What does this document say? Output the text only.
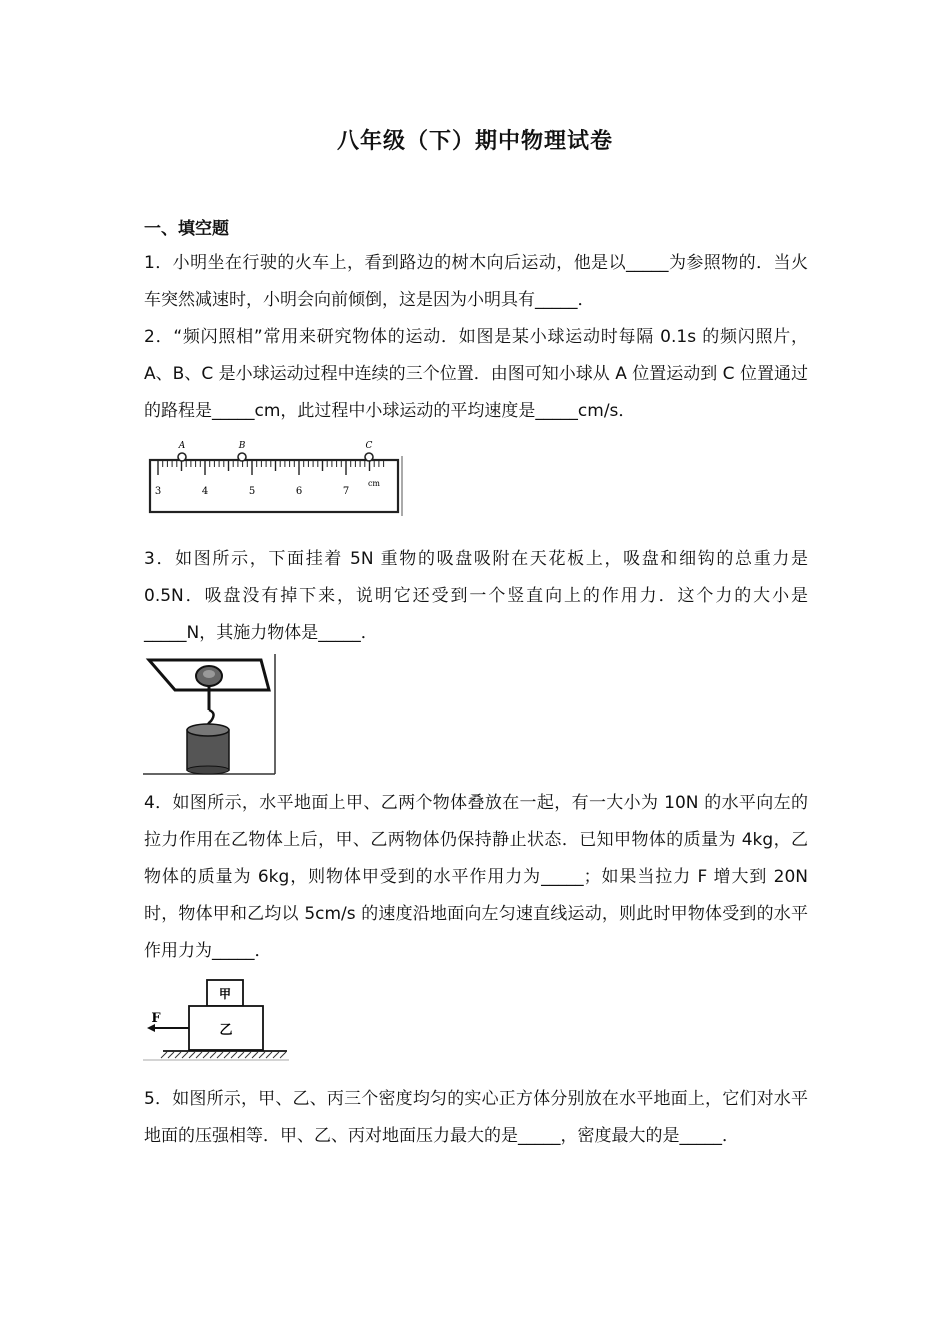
八年级（下）期中物理试卷
一、填空题
1．小明坐在行驶的火车上，看到路边的树木向后运动，他是以_____为参照物的．当火车突然减速时，小明会向前倾倒，这是因为小明具有_____．
2．“频闪照相”常用来研究物体的运动．如图是某小球运动时每隔 0.1s 的频闪照片，A、B、C 是小球运动过程中连续的三个位置．由图可知小球从 A 位置运动到 C 位置通过的路程是_____cm，此过程中小球运动的平均速度是_____cm/s．
A	B	C
3	4	5	6	7
cm
3．如图所示，下面挂着 5N 重物的吸盘吸附在天花板上，吸盘和细钩的总重力是 0.5N．吸盘没有掉下来，说明它还受到一个竖直向上的作用力．这个力的大小是_____N，其施力物体是_____．
4．如图所示，水平地面上甲、乙两个物体叠放在一起，有一大小为 10N 的水平向左的拉力作用在乙物体上后，甲、乙两物体仍保持静止状态．已知甲物体的质量为 4kg，乙物体的质量为 6kg，则物体甲受到的水平作用力为_____；如果当拉力 F 增大到 20N 时，物体甲和乙均以 5cm/s 的速度沿地面向左匀速直线运动，则此时甲物体受到的水平作用力为_____．
甲
乙
F
5．如图所示，甲、乙、丙三个密度均匀的实心正方体分别放在水平地面上，它们对水平地面的压强相等．甲、乙、丙对地面压力最大的是_____，密度最大的是_____．
